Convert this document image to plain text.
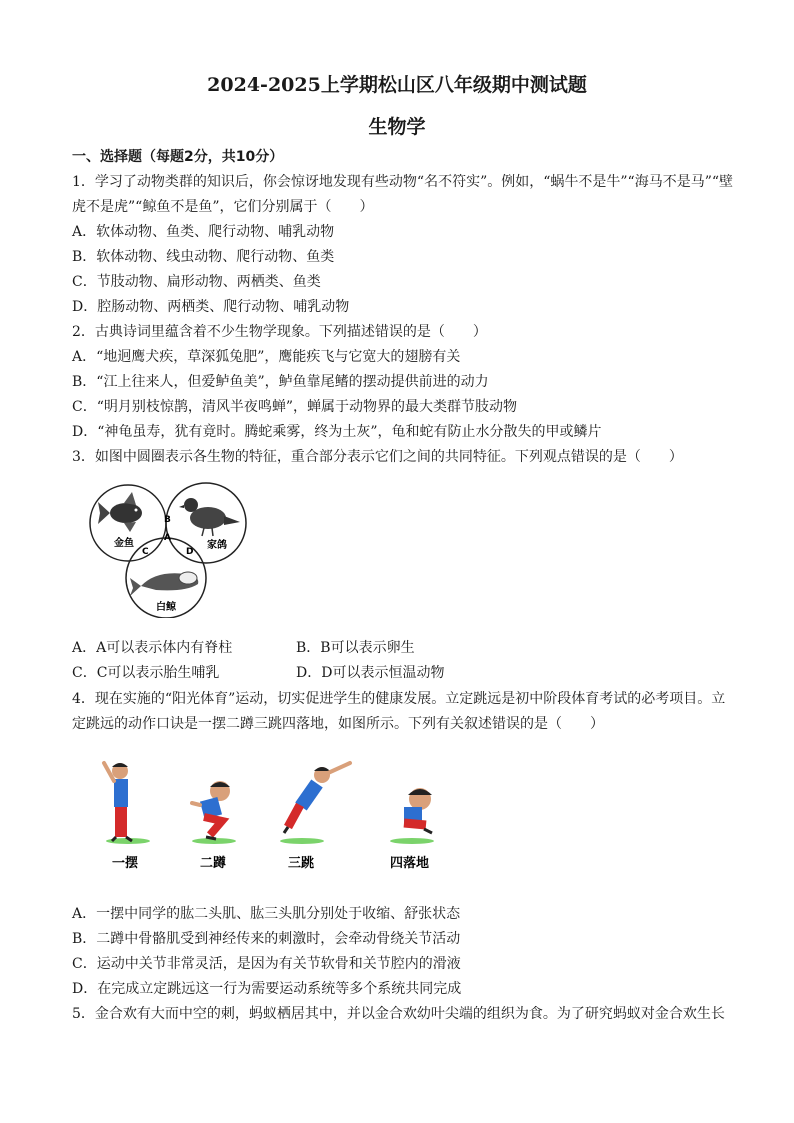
2024-2025上学期松山区八年级期中测试题
生物学
一、选择题（每题2分，共10分）
1．学习了动物类群的知识后，你会惊讶地发现有些动物“名不符实”。例如，“蜗牛不是牛”“海马不是马”“壁
虎不是虎”“鲸鱼不是鱼”，它们分别属于（　　）
A．软体动物、鱼类、爬行动物、哺乳动物
B．软体动物、线虫动物、爬行动物、鱼类
C．节肢动物、扁形动物、两栖类、鱼类
D．腔肠动物、两栖类、爬行动物、哺乳动物
2．古典诗词里蕴含着不少生物学现象。下列描述错误的是（　　）
A．“地迥鹰犬疾，草深狐兔肥”，鹰能疾飞与它宽大的翅膀有关
B．“江上往来人，但爱鲈鱼美”，鲈鱼靠尾鳍的摆动提供前进的动力
C．“明月别枝惊鹊，清风半夜鸣蝉”，蝉属于动物界的最大类群节肢动物
D．“神龟虽寿，犹有竟时。腾蛇乘雾，终为土灰”，龟和蛇有防止水分散失的甲或鳞片
3．如图中圆圈表示各生物的特征，重合部分表示它们之间的共同特征。下列观点错误的是（　　）
金鱼	家鸽
白鲸
A
B
C	D
A．A可以表示体内有脊柱	B．B可以表示卵生
C．C可以表示胎生哺乳	D．D可以表示恒温动物
4．现在实施的“阳光体育”运动，切实促进学生的健康发展。立定跳远是初中阶段体育考试的必考项目。立
定跳远的动作口诀是一摆二蹲三跳四落地，如图所示。下列有关叙述错误的是（　　）
一摆	二蹲	三跳	四落地
A．一摆中同学的肱二头肌、肱三头肌分别处于收缩、舒张状态
B．二蹲中骨骼肌受到神经传来的刺激时，会牵动骨绕关节活动
C．运动中关节非常灵活，是因为有关节软骨和关节腔内的滑液
D．在完成立定跳远这一行为需要运动系统等多个系统共同完成
5．金合欢有大而中空的刺，蚂蚁栖居其中，并以金合欢幼叶尖端的组织为食。为了研究蚂蚁对金合欢生长
